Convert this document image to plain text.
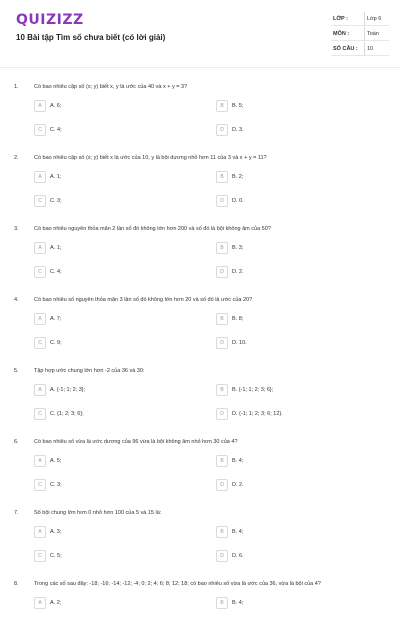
QUIZIZZ
10 Bài tập Tìm số chưa biết (có lời giải)
LỚP :	Lớp 6
MÔN :	Toán
SỐ CÂU : 10
1.	Có bao nhiêu cặp số (x; y) biết x, y là ước của 40 và x + y = 3?
A	A. 6;	B	B. 5;
C	C. 4;	D	D. 3.
2.	Có bao nhiêu cặp số (x; y) biết x là ước của 10, y là bội dương nhỏ hơn 11 của 3 và x + y = 11?
A	A. 1;	B	B. 2;
C	C. 3;	D	D. 0.
3.	Có bao nhiêu nguyên thỏa mãn 2 lần số đó không lớn hơn 200 và số đó là bội không âm của 50?
A	A. 1;	B	B. 3;
C	C. 4;	D	D. 2.
4.	Có bao nhiêu số nguyên thỏa mãn 3 lần số đó không lớn hơn 20 và số đó là ước của 20?
A	A. 7;	B	B. 8;
C	C. 9;	D	D. 10.
5.	Tập hợp ước chung lớn hơn -2 của 36 và 30:
A	A. {-1; 1; 2; 3};	B	B. {-1; 1; 2; 3; 6};
C	C. {1; 2; 3; 6};	D	D. {-1; 1; 2; 3; 6; 12}.
6.	Có bao nhiêu số vừa là ước dương của 96 vừa là bội không âm nhỏ hơn 30 của 4?
A	A. 5;	B	B. 4;
C	C. 3;	D	D. 2.
7.	Số bội chung lớn hơn 0 nhỏ hơn 100 của 5 và 15 là:
A	A. 3;	B	B. 4;
C	C. 5;	D	D. 6.
8.	Trong các số sau đây: -18; -16; -14; -12; -4; 0; 2; 4; 6; 8; 12; 18; có bao nhiêu số vừa là ước của 36, vừa là bội của 4?
A	A. 2;	B	B. 4;
